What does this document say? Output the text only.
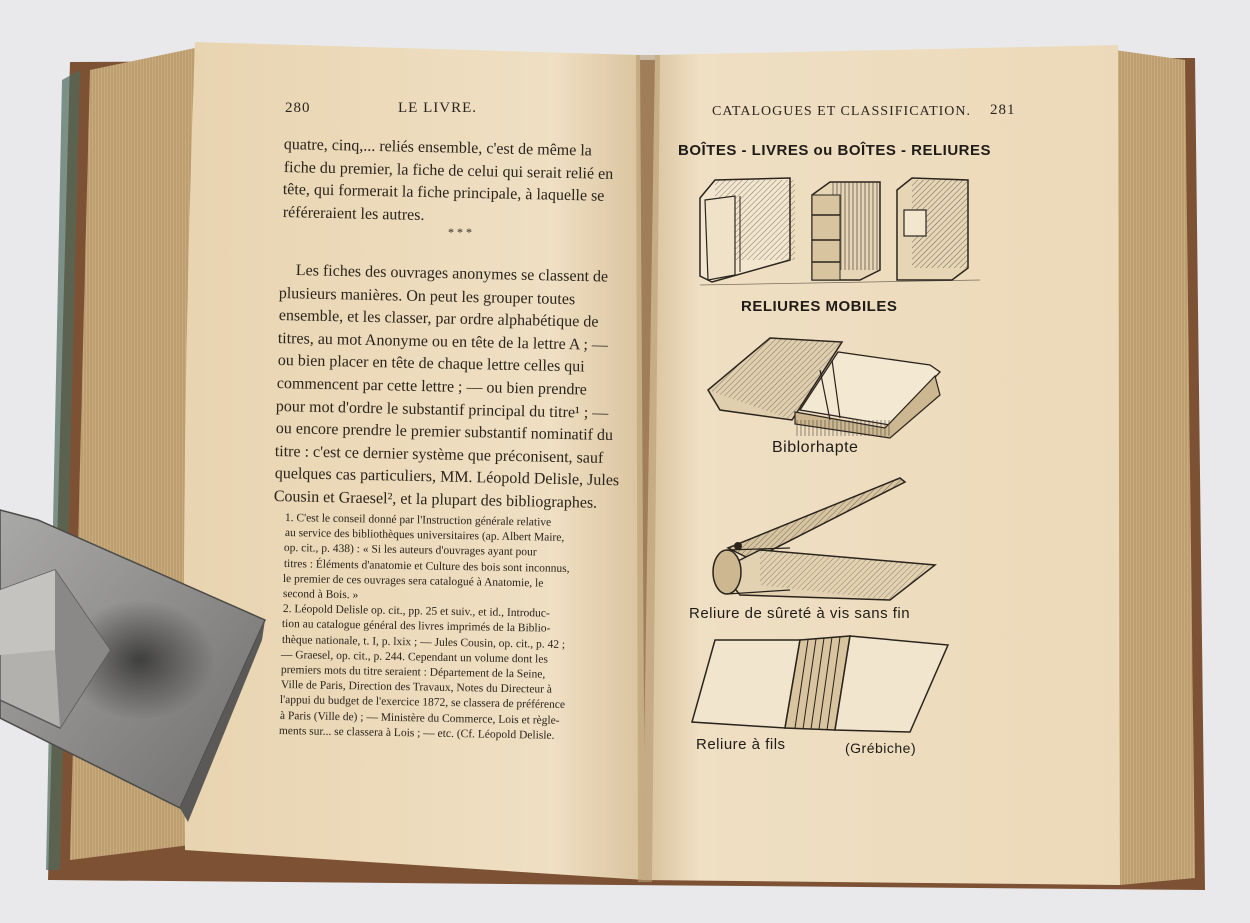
280	LE LIVRE.
quatre, cinq,... reliés ensemble, c'est de même la
fiche du premier, la fiche de celui qui serait relié en
tête, qui formerait la fiche principale, à laquelle se
référeraient les autres.
* * *
Les fiches des ouvrages anonymes se classent de
plusieurs manières. On peut les grouper toutes
ensemble, et les classer, par ordre alphabétique de
titres, au mot Anonyme ou en tête de la lettre A ; —
ou bien placer en tête de chaque lettre celles qui
commencent par cette lettre ; — ou bien prendre
pour mot d'ordre le substantif principal du titre¹ ; —
ou encore prendre le premier substantif nominatif du
titre : c'est ce dernier système que préconisent, sauf
quelques cas particuliers, MM. Léopold Delisle, Jules
Cousin et Graesel², et la plupart des bibliographes.
1. C'est le conseil donné par l'Instruction générale relative
au service des bibliothèques universitaires (ap. Albert Maire,
op. cit., p. 438) : « Si les auteurs d'ouvrages ayant pour
titres : Éléments d'anatomie et Culture des bois sont inconnus,
le premier de ces ouvrages sera catalogué à Anatomie, le
second à Bois. »
2. Léopold Delisle op. cit., pp. 25 et suiv., et id., Introduc-
tion au catalogue général des livres imprimés de la Biblio-
thèque nationale, t. I, p. lxix ; — Jules Cousin, op. cit., p. 42 ;
— Graesel, op. cit., p. 244. Cependant un volume dont les
premiers mots du titre seraient : Département de la Seine,
Ville de Paris, Direction des Travaux, Notes du Directeur à
l'appui du budget de l'exercice 1872, se classera de préférence
à Paris (Ville de) ; — Ministère du Commerce, Lois et règle-
ments sur... se classera à Lois ; — etc. (Cf. Léopold Delisle.
CATALOGUES ET CLASSIFICATION. 281
BOÎTES - LIVRES ou BOÎTES - RELIURES
RELIURES MOBILES
Biblorhapte
Reliure de sûreté à vis sans fin
Reliure à fils	(Grébiche)
